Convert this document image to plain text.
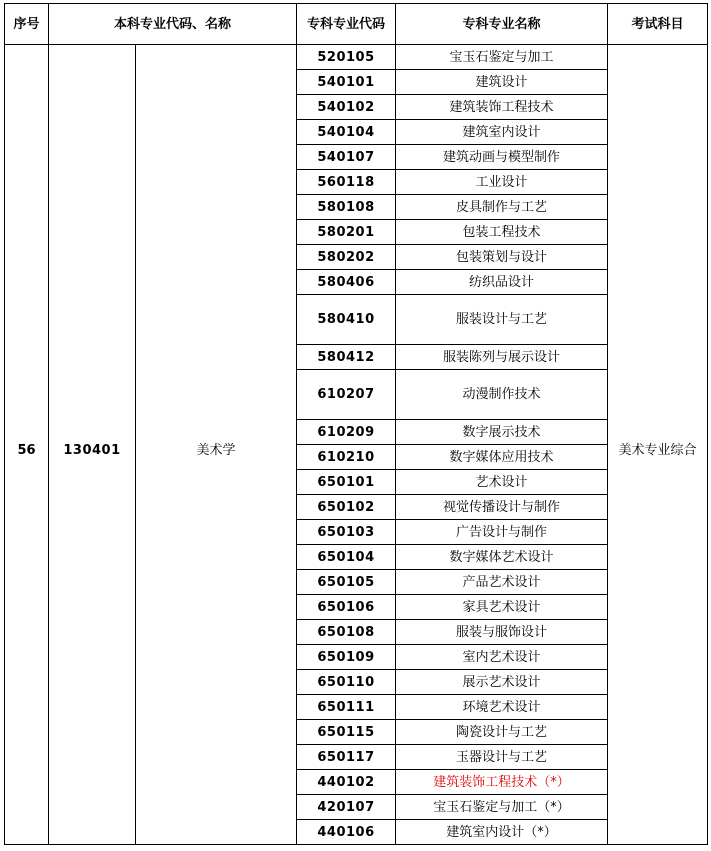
序号	本科专业代码、名称		专科专业代码	专科专业名称	考试科目
56	130401	美术学	520105	宝玉石鉴定与加工	美术专业综合
			540101	建筑设计	
			540102	建筑装饰工程技术	
			540104	建筑室内设计	
			540107	建筑动画与模型制作	
			560118	工业设计	
			580108	皮具制作与工艺	
			580201	包装工程技术	
			580202	包装策划与设计	
			580406	纺织品设计	
			580410	服装设计与工艺	
			580412	服装陈列与展示设计	
			610207	动漫制作技术	
			610209	数字展示技术	
			610210	数字媒体应用技术	
			650101	艺术设计	
			650102	视觉传播设计与制作	
			650103	广告设计与制作	
			650104	数字媒体艺术设计	
			650105	产品艺术设计	
			650106	家具艺术设计	
			650108	服装与服饰设计	
			650109	室内艺术设计	
			650110	展示艺术设计	
			650111	环境艺术设计	
			650115	陶瓷设计与工艺	
			650117	玉器设计与工艺	
			440102	建筑装饰工程技术（*）	
			420107	宝玉石鉴定与加工（*）	
			440106	建筑室内设计（*）	
